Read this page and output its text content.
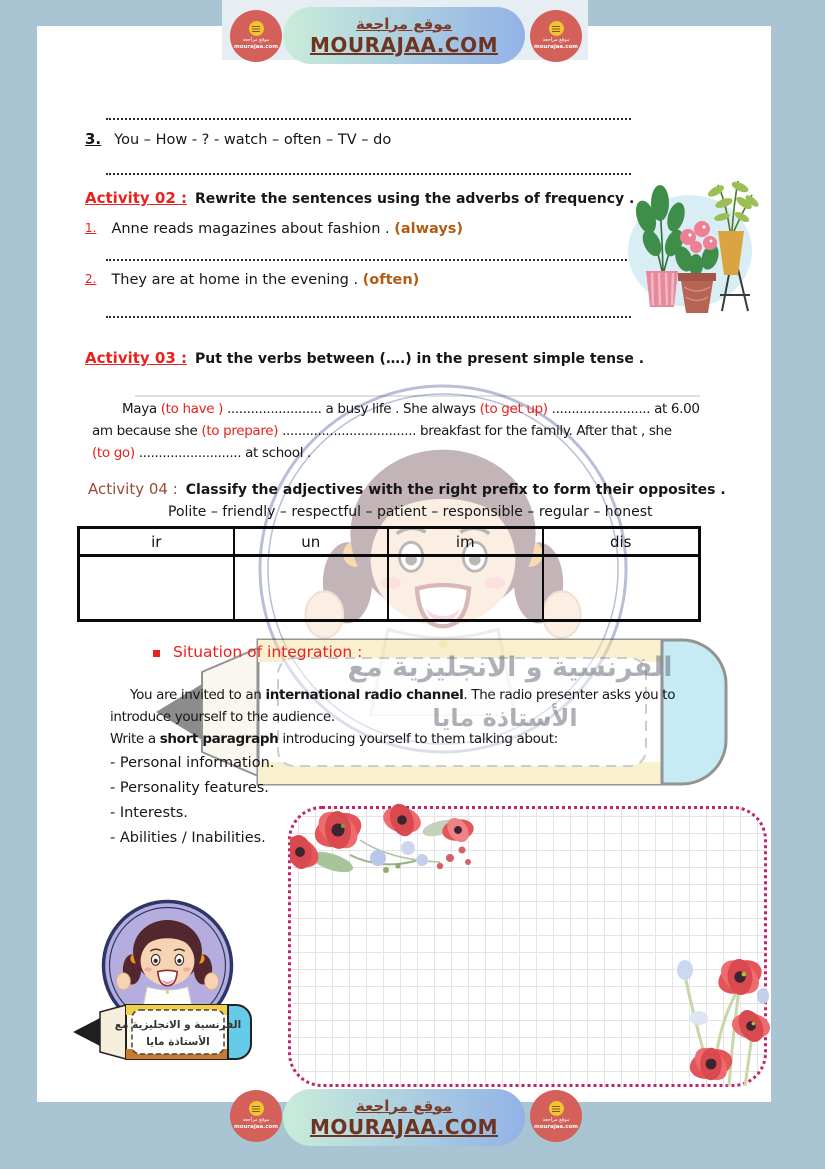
موقع مراجعة
MOURAJAA.COM
موقع مراجعة
mourajaa.com
موقع مراجعة
mourajaa.com
3. You – How - ? - watch – often – TV – do
Activity 02 : Rewrite the sentences using the adverbs of frequency .
1. Anne reads magazines about fashion . (always)
2. They are at home in the evening . (often)
Activity 03 : Put the verbs between (….) in the present simple tense .
Maya (to have ) ........................ a busy life . She always (to get up) ......................... at 6.00
am because she (to prepare) .................................. breakfast for the family. After that , she
(to go) .......................... at school .
Activity 04 : Classify the adjectives with the right prefix to form their opposites .
Polite – friendly – respectful – patient – responsible – regular – honest
ir	un	im	dis
الفرنسية و الانجليزية مع
الأستاذة مايا
Situation of integration :
You are invited to an international radio channel. The radio presenter asks you to
introduce yourself to the audience.
Write a short paragraph introducing yourself to them talking about:
- Personal information.
- Personality features.
- Interests.
- Abilities / Inabilities.
الفرنسية و الانجليزية مع
الأستاذة مايا
موقع مراجعة
MOURAJAA.COM
موقع مراجعة
mourajaa.com
موقع مراجعة
mourajaa.com
